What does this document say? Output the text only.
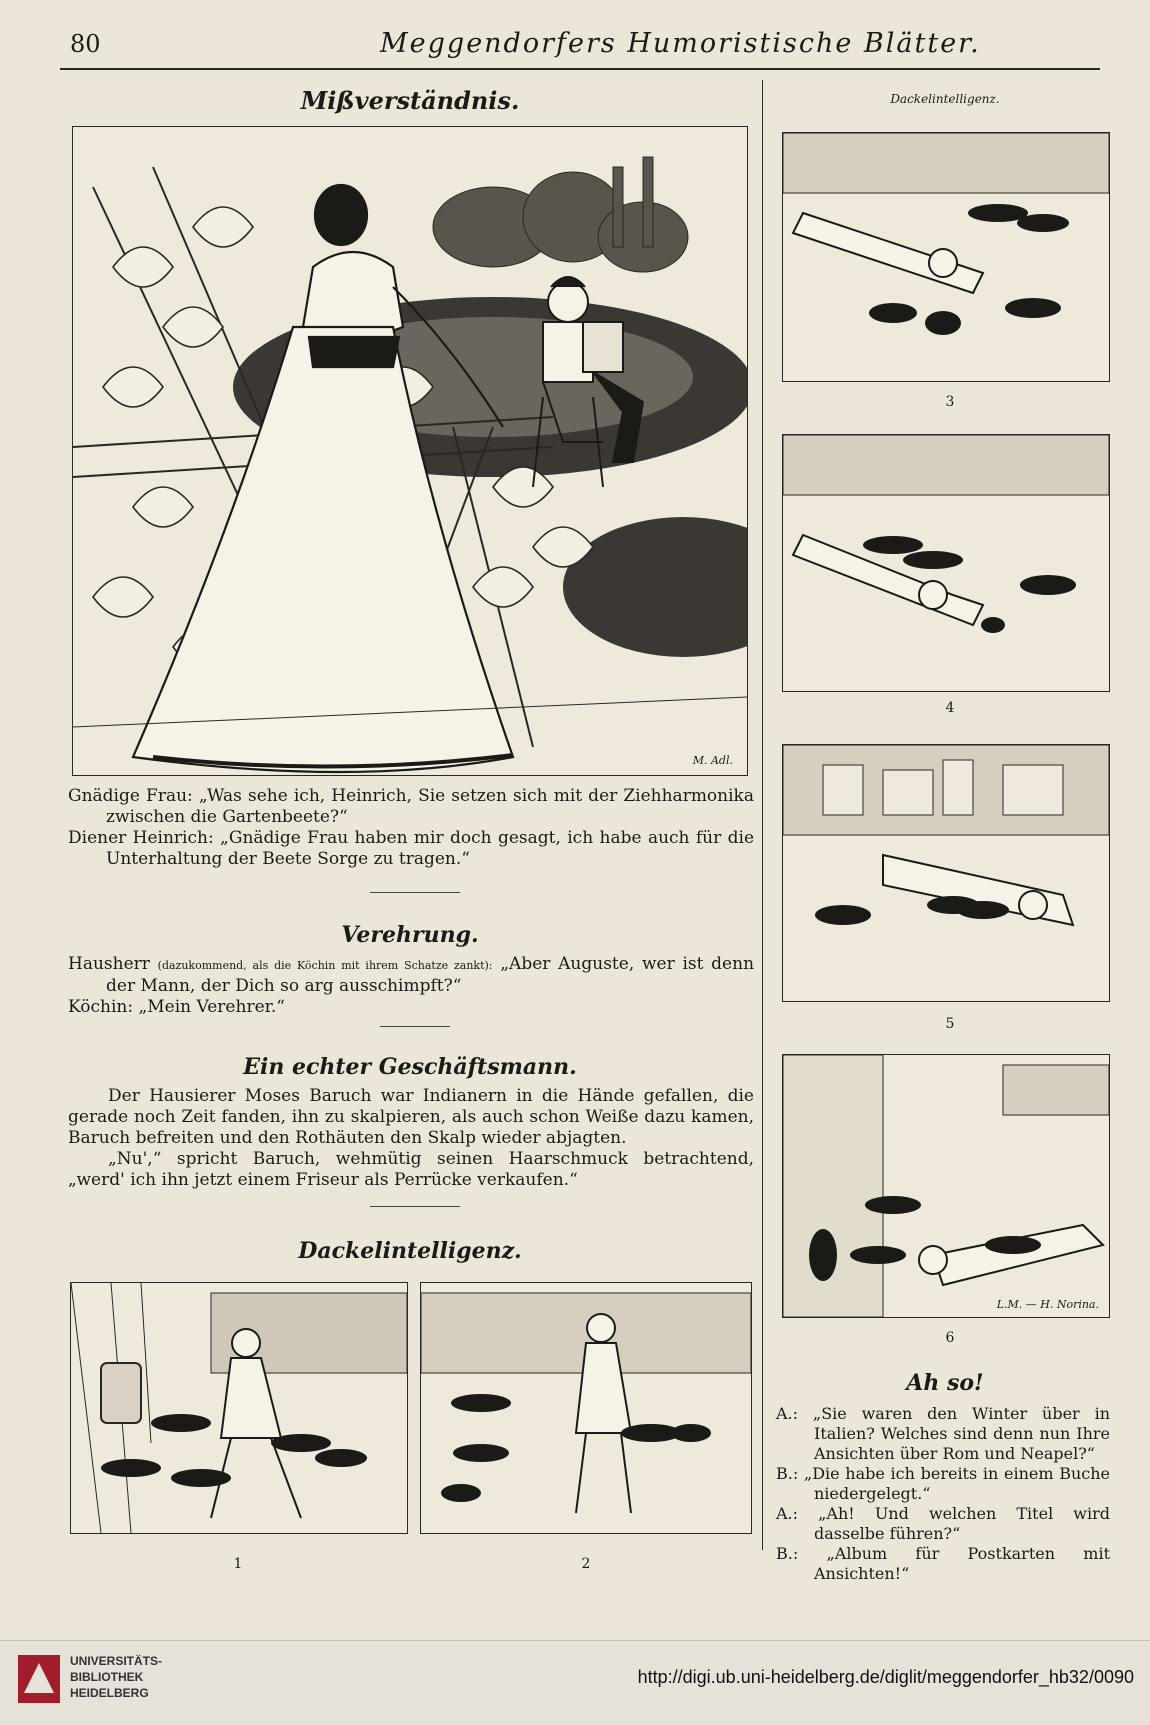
80	Meggendorfers Humoristische Blätter.
Mißverständnis.
M. Adl.

Gnädige Frau: „Was sehe ich, Heinrich, Sie setzen sich mit der Ziehharmonika zwischen die Gartenbeete?“

Diener Heinrich: „Gnädige Frau haben mir doch gesagt, ich habe auch für die Unterhaltung der Beete Sorge zu tragen.“

Verehrung.

Hausherr (dazukommend, als die Köchin mit ihrem Schatze zankt): „Aber Auguste, wer ist denn der Mann, der Dich so arg ausschimpft?“

Köchin: „Mein Verehrer.“

Ein echter Geschäftsmann.
Der Hausierer Moses Baruch war Indianern in die Hände gefallen, die gerade noch Zeit fanden, ihn zu skalpieren, als auch schon Weiße dazu kamen, Baruch befreiten und den Rothäuten den Skalp wieder abjagten.
„Nu',“ spricht Baruch, wehmütig seinen Haarschmuck betrachtend, „werd' ich ihn jetzt einem Friseur als Perrücke verkaufen.“
Dackelintelligenz.
1	2
Dackelintelligenz.
3
4
5
L.M. — H. Norina.
6
Ah so!

A.: „Sie waren den Winter über in Italien? Welches sind denn nun Ihre Ansichten über Rom und Neapel?“

B.: „Die habe ich bereits in einem Buche niedergelegt.“

A.: „Ah! Und welchen Titel wird dasselbe führen?“

B.: „Album für Postkarten mit Ansichten!“

UNIVERSITÄTS-
BIBLIOTHEK
HEIDELBERG
http://digi.ub.uni-heidelberg.de/diglit/meggendorfer_hb32/0090
